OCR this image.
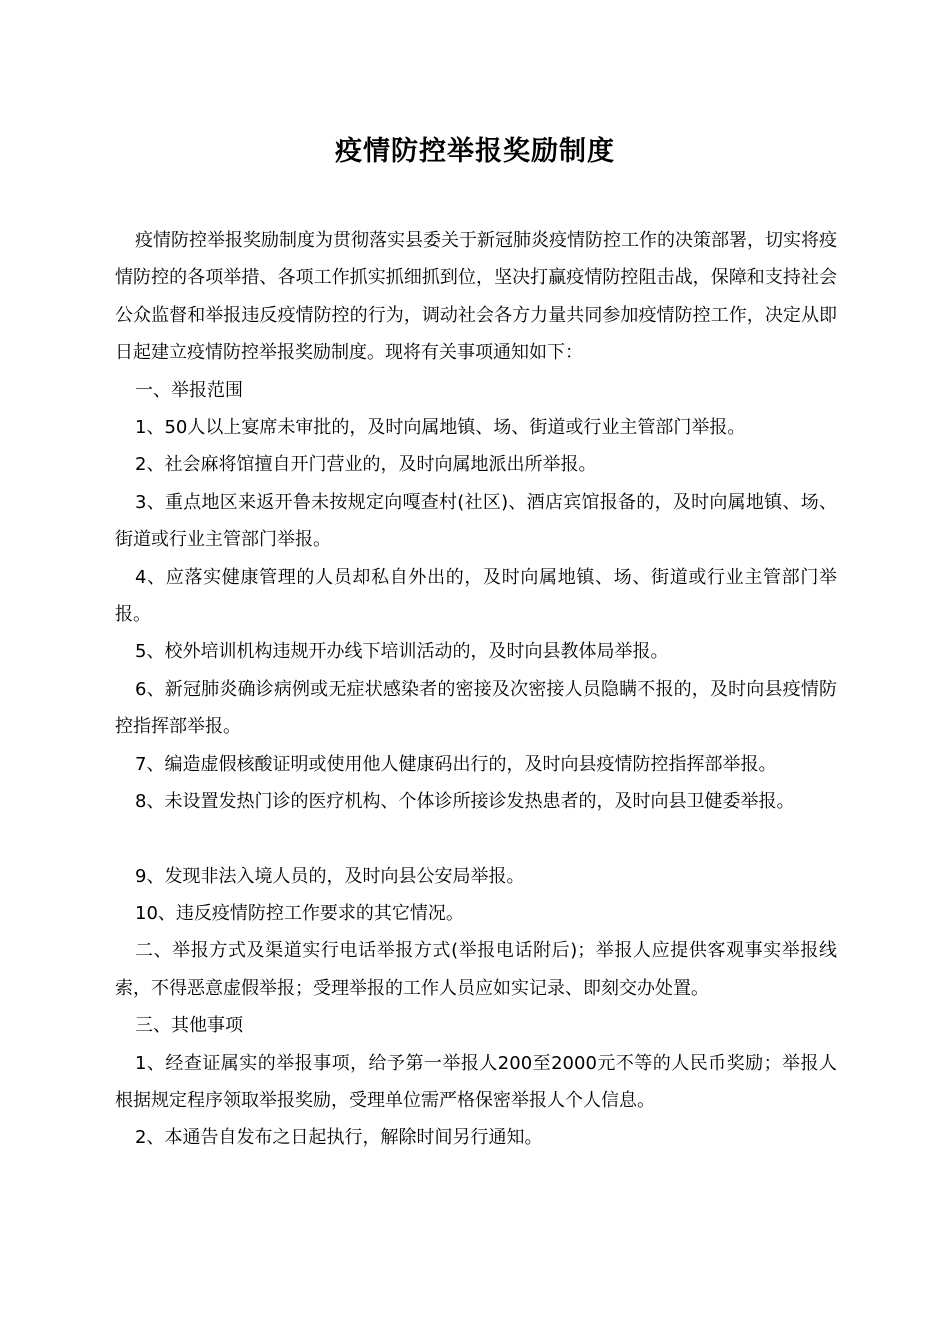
疫情防控举报奖励制度

疫情防控举报奖励制度为贯彻落实县委关于新冠肺炎疫情防控工作的决策部署，切实将疫情防控的各项举措、各项工作抓实抓细抓到位，坚决打赢疫情防控阻击战，保障和支持社会公众监督和举报违反疫情防控的行为，调动社会各方力量共同参加疫情防控工作，决定从即日起建立疫情防控举报奖励制度。现将有关事项通知如下：

一、举报范围

1、50人以上宴席未审批的，及时向属地镇、场、街道或行业主管部门举报。

2、社会麻将馆擅自开门营业的，及时向属地派出所举报。

3、重点地区来返开鲁未按规定向嘎查村(社区)、酒店宾馆报备的，及时向属地镇、场、街道或行业主管部门举报。

4、应落实健康管理的人员却私自外出的，及时向属地镇、场、街道或行业主管部门举报。

5、校外培训机构违规开办线下培训活动的，及时向县教体局举报。

6、新冠肺炎确诊病例或无症状感染者的密接及次密接人员隐瞒不报的，及时向县疫情防控指挥部举报。

7、编造虚假核酸证明或使用他人健康码出行的，及时向县疫情防控指挥部举报。

8、未设置发热门诊的医疗机构、个体诊所接诊发热患者的，及时向县卫健委举报。

9、发现非法入境人员的，及时向县公安局举报。

10、违反疫情防控工作要求的其它情况。

二、举报方式及渠道实行电话举报方式(举报电话附后)；举报人应提供客观事实举报线索，不得恶意虚假举报；受理举报的工作人员应如实记录、即刻交办处置。

三、其他事项

1、经查证属实的举报事项，给予第一举报人200至2000元不等的人民币奖励；举报人根据规定程序领取举报奖励，受理单位需严格保密举报人个人信息。

2、本通告自发布之日起执行，解除时间另行通知。
